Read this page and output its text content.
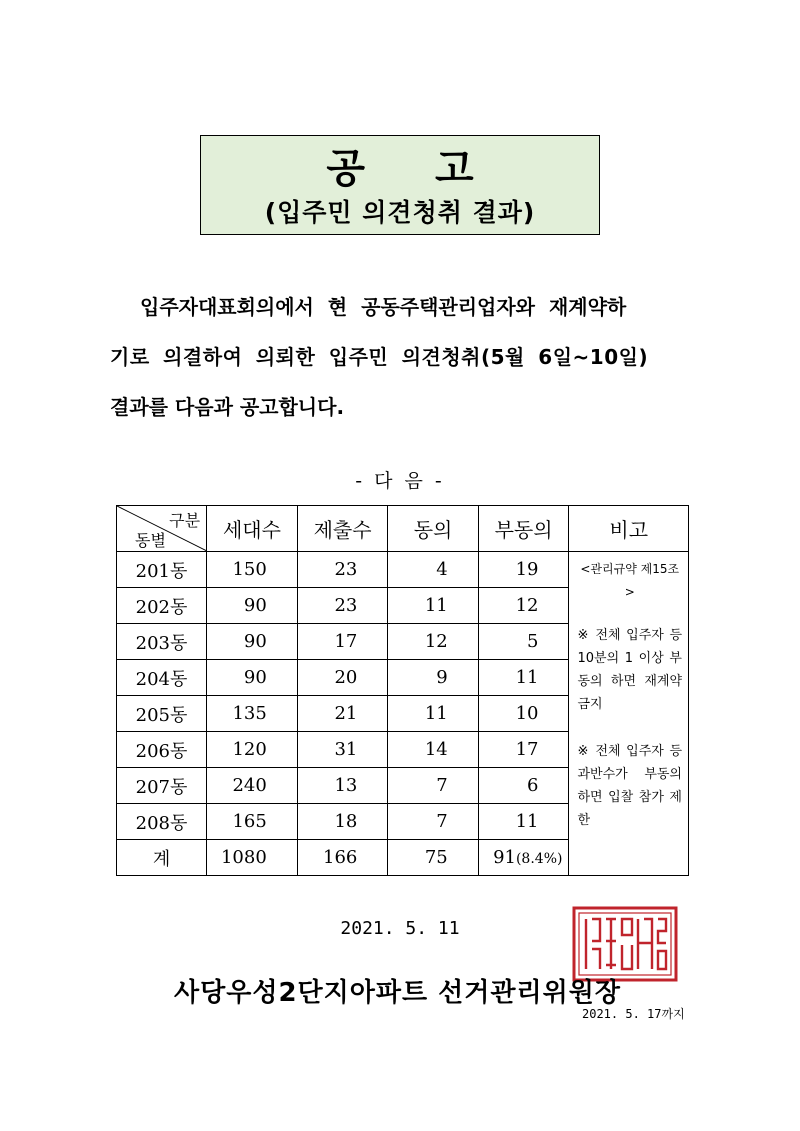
공고
(입주민 의견청취 결과)
입주자대표회의에서 현 공동주택관리업자와 재계약하
기로 의결하여 의뢰한 입주민 의견청취(5월 6일~10일)
결과를 다음과 공고합니다.
- 다 음 -
구분
동별	세대수	제출수	동의	부동의	비고
201동	150	23	4	19	<관리규약 제15조>
※ 전체 입주자 등 10분의 1 이상 부동의 하면 재계약 금지
※ 전체 입주자 등 과반수가 부동의하면 입찰 참가 제한

202동	90	23	11	12	
203동	90	17	12	5	
204동	90	20	9	11	
205동	135	21	11	10	
206동	120	31	14	17	
207동	240	13	7	6	
208동	165	18	7	11	
계	1080	166	75	91(8.4%)	
2021. 5. 11
사당우성2단지아파트 선거관리위원장
2021. 5. 17까지
